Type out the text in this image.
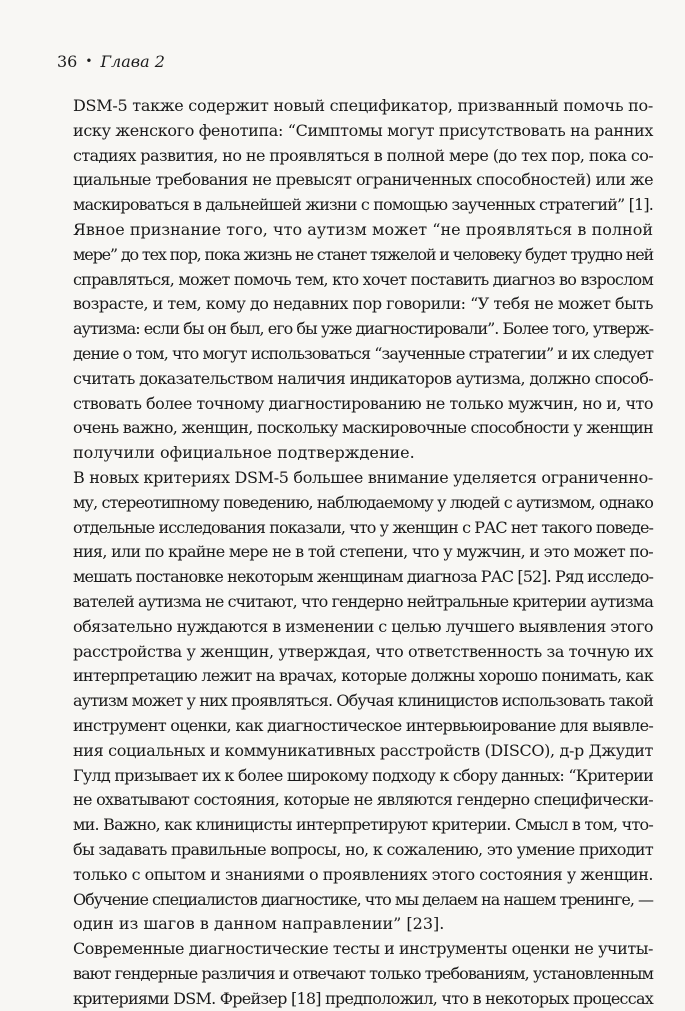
36 • Глава 2
DSM-5 также содержит новый спецификатор, призванный помочь по-
иску женского фенотипа: “Симптомы могут присутствовать на ранних
стадиях развития, но не проявляться в полной мере (до тех пор, пока со-
циальные требования не превысят ограниченных способностей) или же
маскироваться в дальнейшей жизни с помощью заученных стратегий” [1].
Явное признание того, что аутизм может “не проявляться в полной
мере” до тех пор, пока жизнь не станет тяжелой и человеку будет трудно ней
справляться, может помочь тем, кто хочет поставить диагноз во взрослом
возрасте, и тем, кому до недавних пор говорили: “У тебя не может быть
аутизма: если бы он был, его бы уже диагностировали”. Более того, утверж-
дение о том, что могут использоваться “заученные стратегии” и их следует
считать доказательством наличия индикаторов аутизма, должно способ-
ствовать более точному диагностированию не только мужчин, но и, что
очень важно, женщин, поскольку маскировочные способности у женщин
получили официальное подтверждение.
В новых критериях DSM-5 большее внимание уделяется ограниченно-
му, стереотипному поведению, наблюдаемому у людей с аутизмом, однако
отдельные исследования показали, что у женщин с РАС нет такого поведе-
ния, или по крайне мере не в той степени, что у мужчин, и это может по-
мешать постановке некоторым женщинам диагноза РАС [52]. Ряд исследо-
вателей аутизма не считают, что гендерно нейтральные критерии аутизма
обязательно нуждаются в изменении с целью лучшего выявления этого
расстройства у женщин, утверждая, что ответственность за точную их
интерпретацию лежит на врачах, которые должны хорошо понимать, как
аутизм может у них проявляться. Обучая клиницистов использовать такой
инструмент оценки, как диагностическое интервьюирование для выявле-
ния социальных и коммуникативных расстройств (DISCO), д-р Джудит
Гулд призывает их к более широкому подходу к сбору данных: “Критерии
не охватывают состояния, которые не являются гендерно специфически-
ми. Важно, как клиницисты интерпретируют критерии. Смысл в том, что-
бы задавать правильные вопросы, но, к сожалению, это умение приходит
только с опытом и знаниями о проявлениях этого состояния у женщин.
Обучение специалистов диагностике, что мы делаем на нашем тренинге, —
один из шагов в данном направлении” [23].
Современные диагностические тесты и инструменты оценки не учиты-
вают гендерные различия и отвечают только требованиям, установленным
критериями DSM. Фрейзер [18] предположил, что в некоторых процессах
